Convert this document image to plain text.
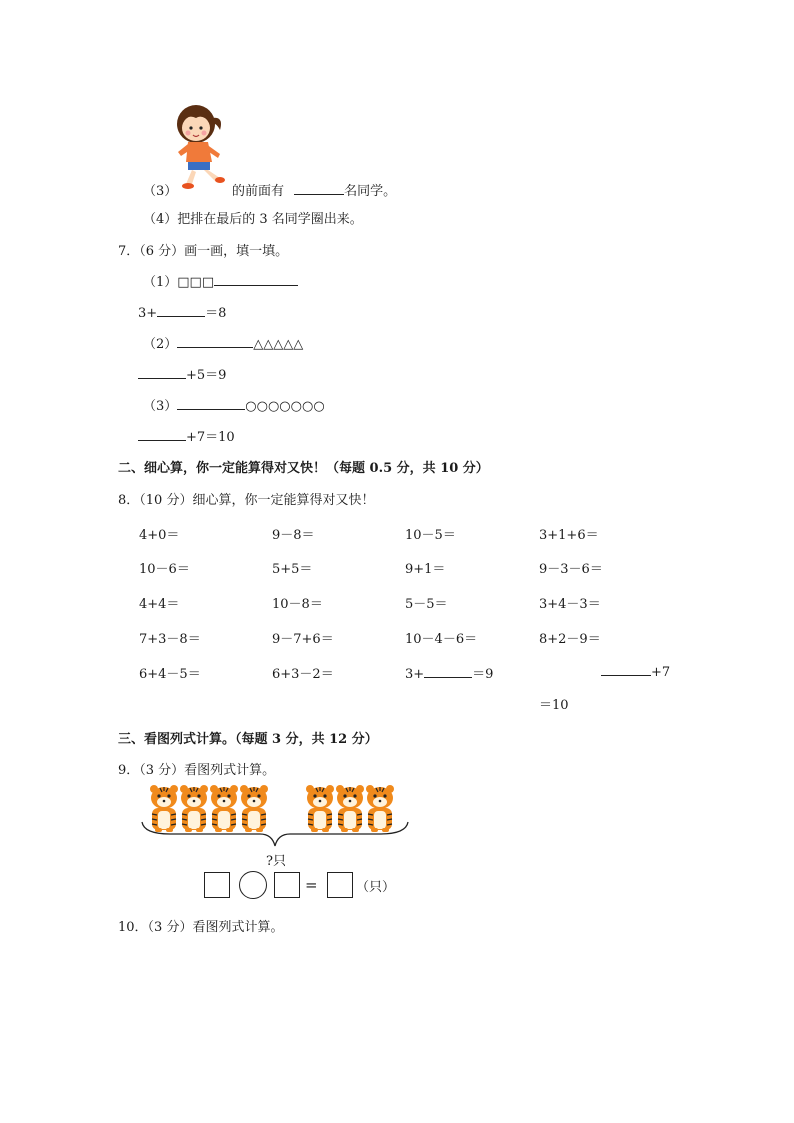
（3）	的前面有	名同学。
（4）把排在最后的 3 名同学圈出来。
7．（6 分）画一画，填一填。
（1）□□□
3+	＝8
（2）	△△△△△
+5＝9
（3）	○○○○○○○
+7＝10
二、细心算，你一定能算得对又快！（每题 0.5 分，共 10 分）
8．（10 分）细心算，你一定能算得对又快！
4+0＝	9－8＝	10－5＝	3+1+6＝
10－6＝	5+5＝	9+1＝	9－3－6＝
4+4＝	10－8＝	5－5＝	3+4－3＝
7+3－8＝	9－7+6＝	10－4－6＝	8+2－9＝
6+4－5＝	6+3－2＝	3+	＝9	+7
＝10
三、看图列式计算。（每题 3 分，共 12 分）
9．（3 分）看图列式计算。
?只
=	（只）
10．（3 分）看图列式计算。
